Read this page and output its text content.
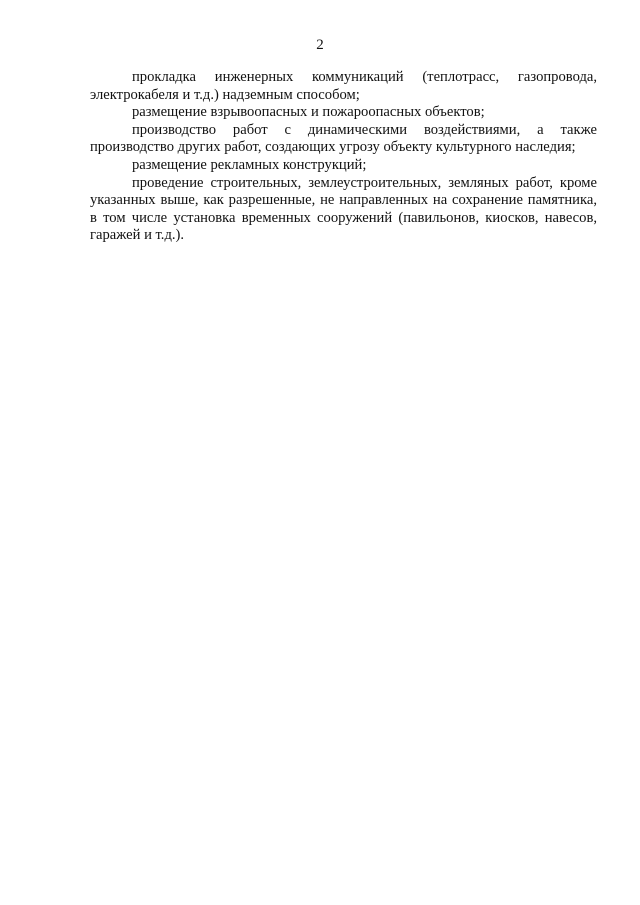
2

прокладка инженерных коммуникаций (теплотрасс, газопровода, электрокабеля и т.д.) надземным способом;

размещение взрывоопасных и пожароопасных объектов;

производство работ с динамическими воздействиями, а также производство других работ, создающих угрозу объекту культурного наследия;

размещение рекламных конструкций;

проведение строительных, землеустроительных, земляных работ, кроме указанных выше, как разрешенные, не направленных на сохранение памятника, в том числе установка временных сооружений (павильонов, киосков, навесов, гаражей и т.д.).
